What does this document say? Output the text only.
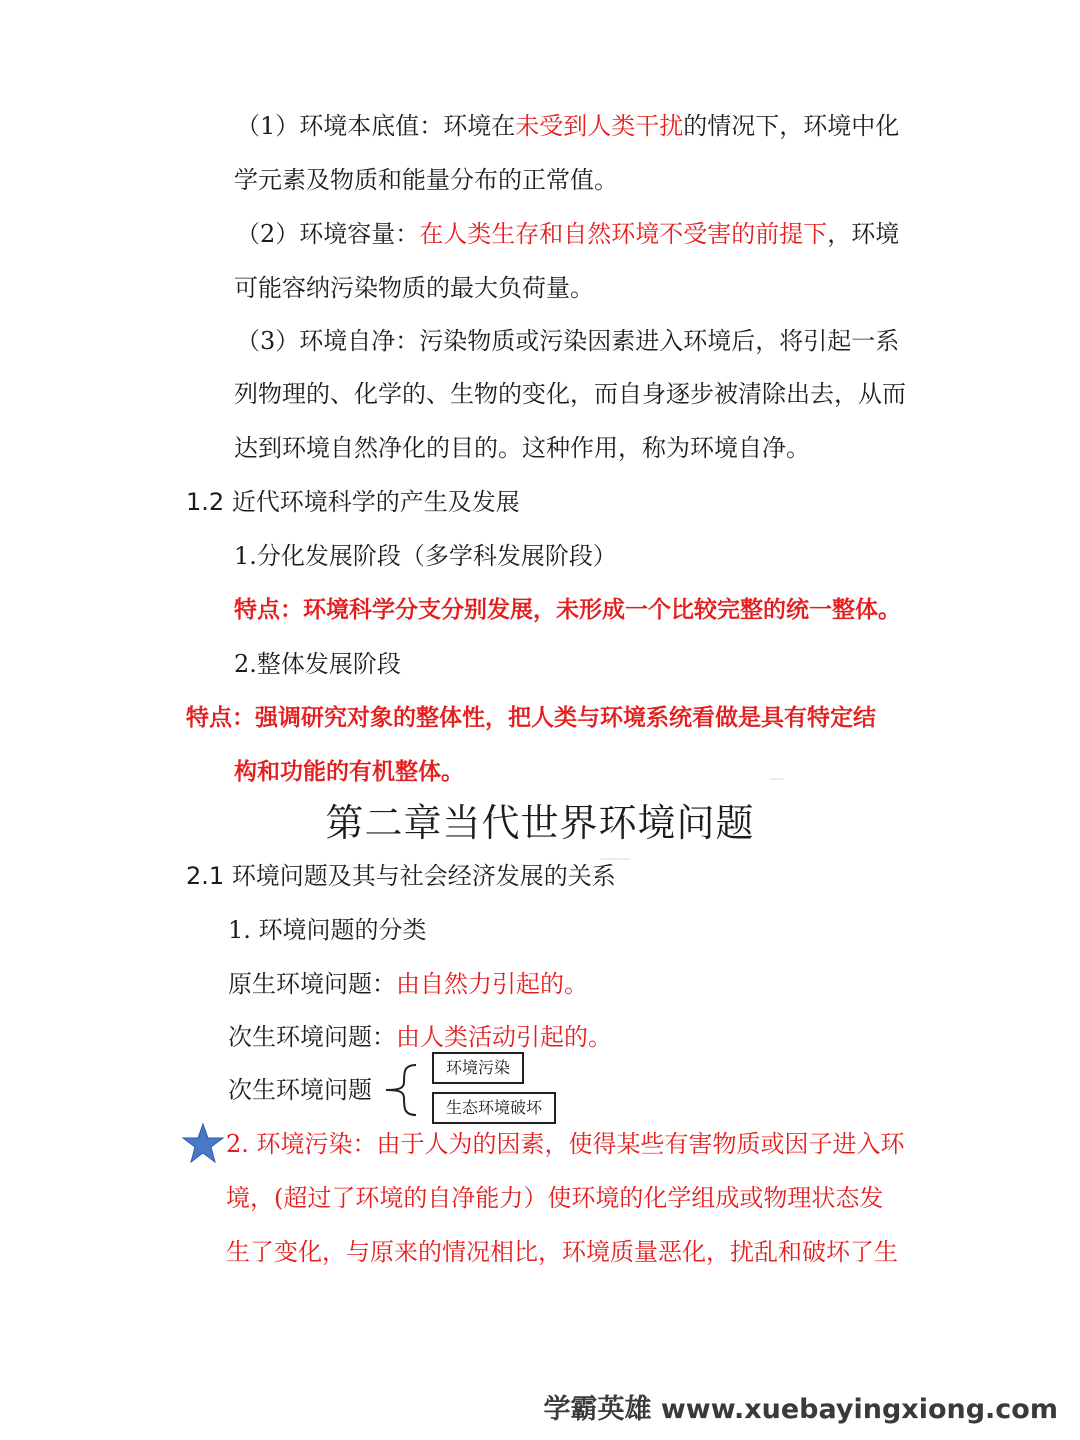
（1）环境本底值：环境在未受到人类干扰的情况下，环境中化
学元素及物质和能量分布的正常值。
（2）环境容量：在人类生存和自然环境不受害的前提下，环境
可能容纳污染物质的最大负荷量。
（3）环境自净：污染物质或污染因素进入环境后，将引起一系
列物理的、化学的、生物的变化，而自身逐步被清除出去，从而
达到环境自然净化的目的。这种作用，称为环境自净。
1.2 近代环境科学的产生及发展
1.分化发展阶段（多学科发展阶段）
特点：环境科学分支分别发展，未形成一个比较完整的统一整体。
2.整体发展阶段
特点：强调研究对象的整体性，把人类与环境系统看做是具有特定结
构和功能的有机整体。
第二章当代世界环境问题
2.1 环境问题及其与社会经济发展的关系
1. 环境问题的分类
原生环境问题：由自然力引起的。
次生环境问题：由人类活动引起的。
次生环境问题
环境污染
生态环境破坏
2. 环境污染：由于人为的因素，使得某些有害物质或因子进入环
境，(超过了环境的自净能力）使环境的化学组成或物理状态发
生了变化，与原来的情况相比，环境质量恶化，扰乱和破坏了生
学霸英雄 www.xuebayingxiong.com
